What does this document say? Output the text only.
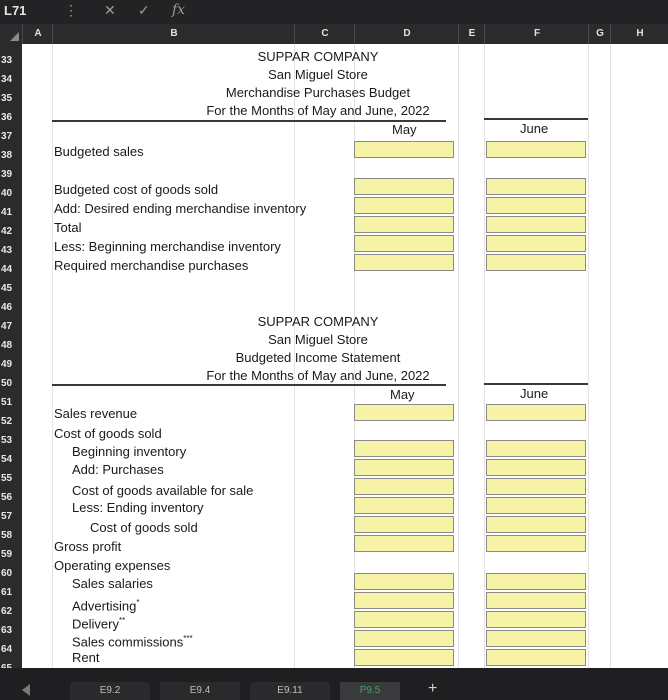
L71	⋮ ✕ ✓ fx
A	B	C	D	E	F	G	H
33
34
35
36
37
38
39
40
41
42
43
44
45
46
47
48
49
50
51
52
53
54
55
56
57
58
59
60
61
62
63
64
SUPPAR COMPANY
San Miguel Store
Merchandise Purchases Budget
For the Months of May and June, 2022
May	June
Budgeted sales
Budgeted cost of goods sold
Add: Desired ending merchandise inventory
Total
Less: Beginning merchandise inventory
Required merchandise purchases
SUPPAR COMPANY
San Miguel Store
Budgeted Income Statement
For the Months of May and June, 2022
May	June
Sales revenue
Cost of goods sold
Beginning inventory
Add: Purchases
Cost of goods available for sale
Less: Ending inventory
Cost of goods sold
Gross profit
Operating expenses
Sales salaries
Advertising*
Delivery**
Sales commissions***
Rent
E9.2	E9.4	E9.11	P9.5	+
